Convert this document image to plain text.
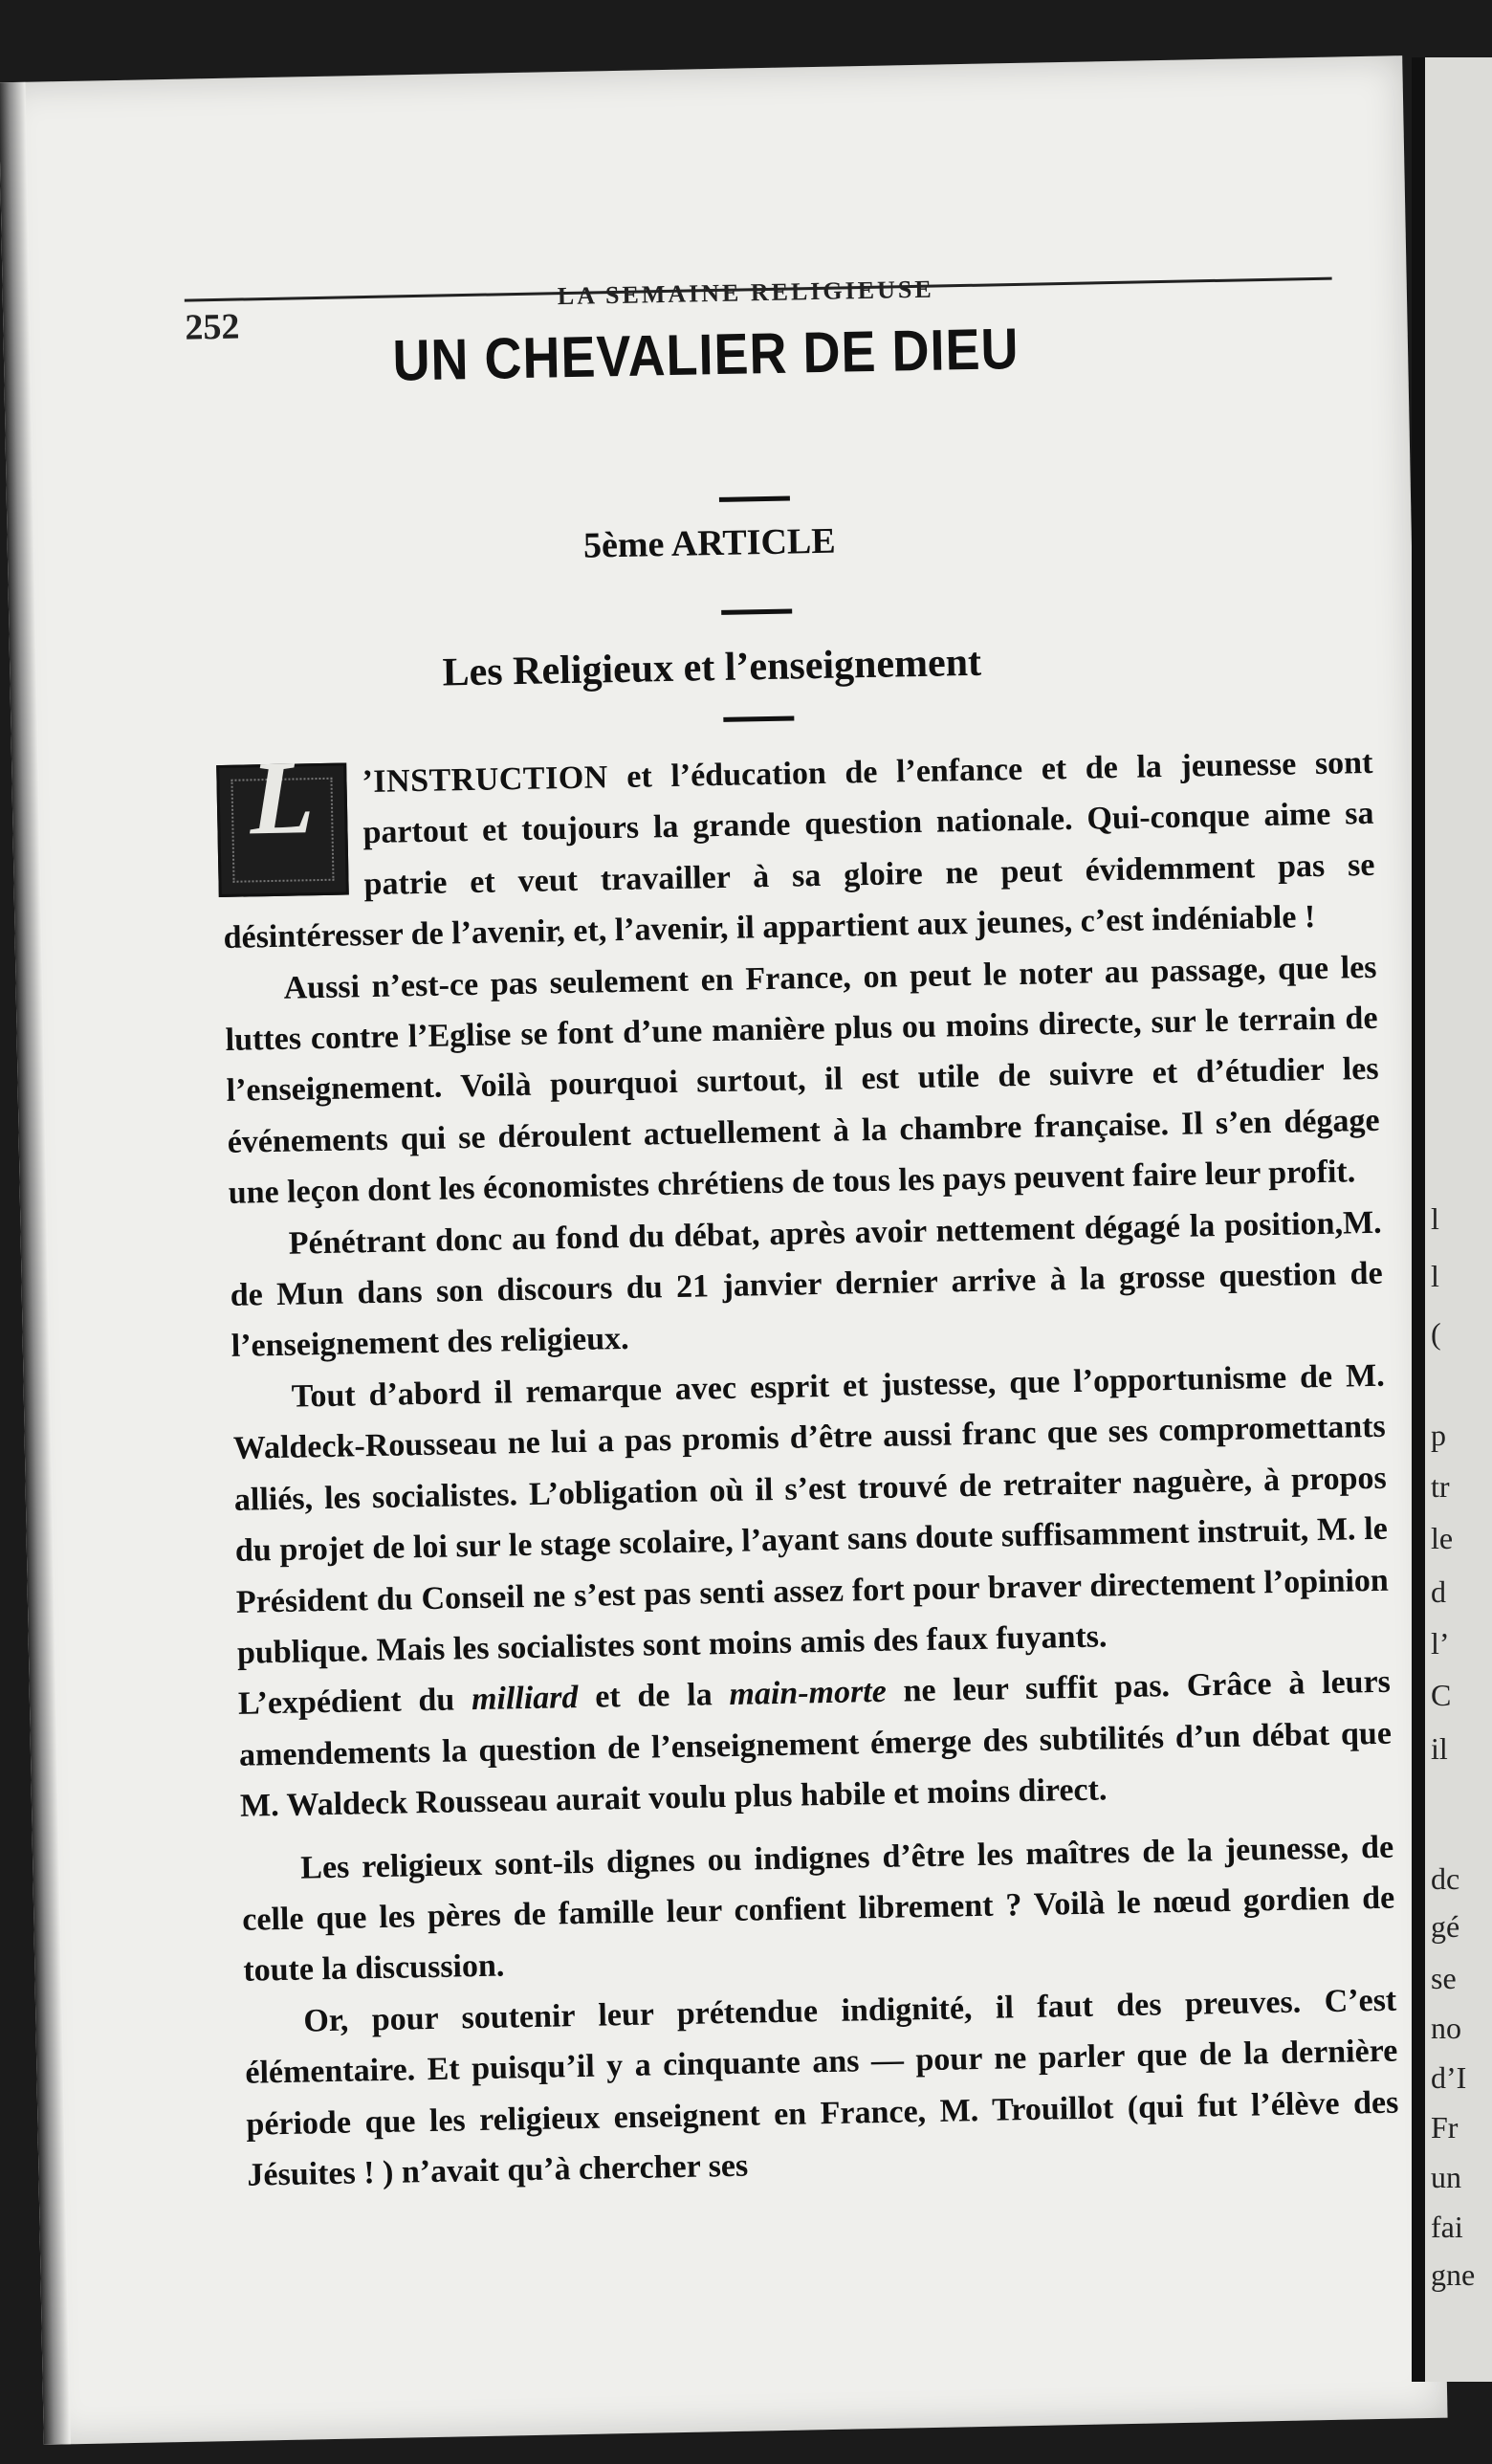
252
LA SEMAINE RELIGIEUSE
UN CHEVALIER DE DIEU
5ème ARTICLE
Les Religieux et l’enseignement

L	’INSTRUCTION et l’éducation de l’enfance et de la jeunesse sont partout et toujours la grande question nationale. Qui-conque aime sa patrie et veut travailler à sa gloire ne peut évidemment pas se désintéresser de l’avenir, et, l’avenir, il appartient aux jeunes, c’est indéniable !

Aussi n’est-ce pas seulement en France, on peut le noter au passage, que les luttes contre l’Eglise se font d’une manière plus ou moins directe, sur le terrain de l’enseignement. Voilà pourquoi surtout, il est utile de suivre et d’étudier les événements qui se déroulent actuellement à la chambre française. Il s’en dégage une leçon dont les économistes chrétiens de tous les pays peuvent faire leur profit.

Pénétrant donc au fond du débat, après avoir nettement dégagé la position,M. de Mun dans son discours du 21 janvier dernier arrive à la grosse question de l’enseignement des religieux.

Tout d’abord il remarque avec esprit et justesse, que l’opportunisme de M. Waldeck-Rousseau ne lui a pas promis d’être aussi franc que ses compromettants alliés, les socialistes. L’obligation où il s’est trouvé de retraiter naguère, à propos du projet de loi sur le stage scolaire, l’ayant sans doute suffisamment instruit, M. le Président du Conseil ne s’est pas senti assez fort pour braver directement l’opinion publique. Mais les socialistes sont moins amis des faux fuyants.

L’expédient du milliard et de la main-morte ne leur suffit pas. Grâce à leurs amendements la question de l’enseignement émerge des subtilités d’un débat que M. Waldeck Rousseau aurait voulu plus habile et moins direct.

Les religieux sont-ils dignes ou indignes d’être les maîtres de la jeunesse, de celle que les pères de famille leur confient librement ? Voilà le nœud gordien de toute la discussion.

Or, pour soutenir leur prétendue indignité, il faut des preuves. C’est élémentaire. Et puisqu’il y a cinquante ans — pour ne parler que de la dernière période que les religieux enseignent en France, M. Trouillot (qui fut l’élève des Jésuites ! ) n’avait qu’à chercher ses

l
l
(
p
tr
le
d
l’
C
il
dc
gé
se
no
d’I
Fr
un
fai
gne
